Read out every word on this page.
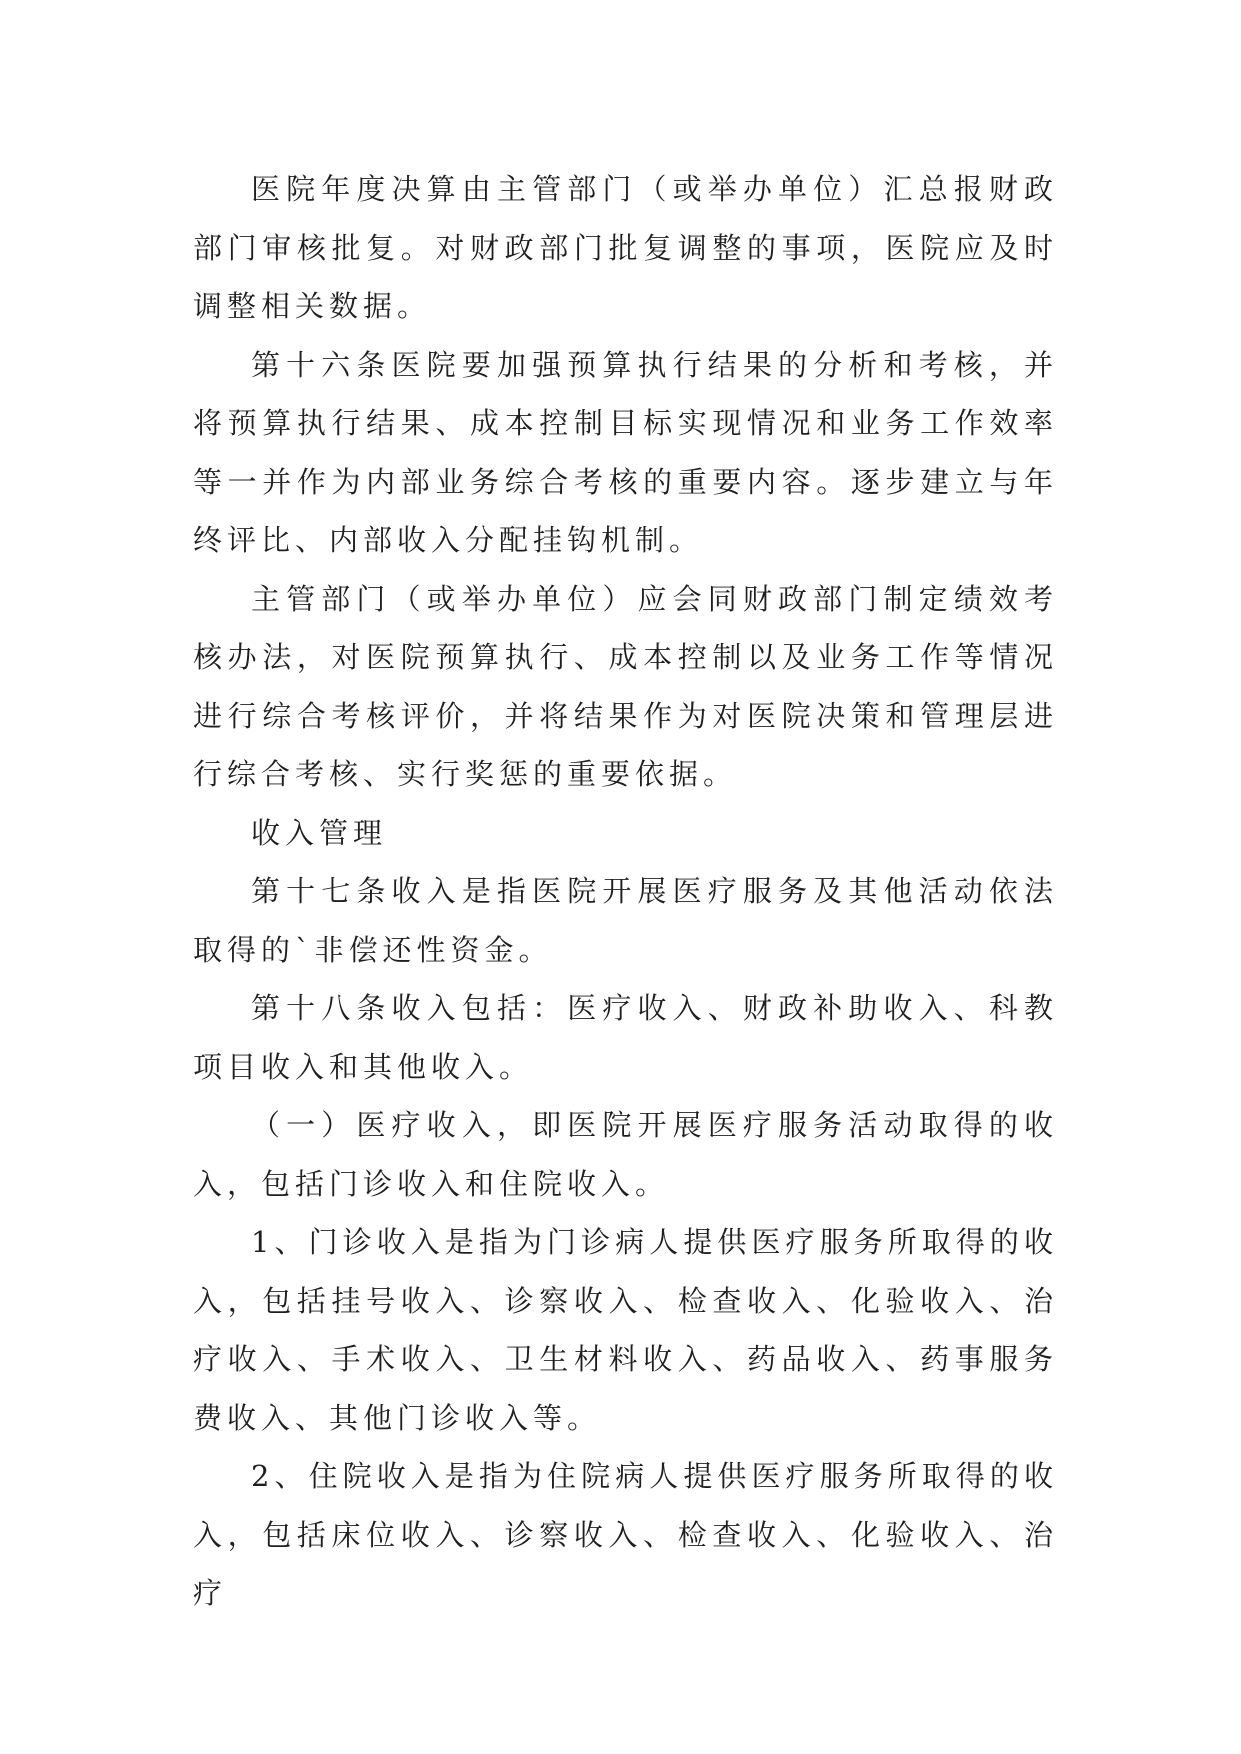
医院年度决算由主管部门（或举办单位）汇总报财政部门审核批复。对财政部门批复调整的事项，医院应及时调整相关数据。

第十六条医院要加强预算执行结果的分析和考核，并将预算执行结果、成本控制目标实现情况和业务工作效率等一并作为内部业务综合考核的重要内容。逐步建立与年终评比、内部收入分配挂钩机制。

主管部门（或举办单位）应会同财政部门制定绩效考核办法，对医院预算执行、成本控制以及业务工作等情况进行综合考核评价，并将结果作为对医院决策和管理层进行综合考核、实行奖惩的重要依据。

收入管理

第十七条收入是指医院开展医疗服务及其他活动依法取得的`非偿还性资金。

第十八条收入包括：医疗收入、财政补助收入、科教项目收入和其他收入。

（一）医疗收入，即医院开展医疗服务活动取得的收入，包括门诊收入和住院收入。

1、门诊收入是指为门诊病人提供医疗服务所取得的收入，包括挂号收入、诊察收入、检查收入、化验收入、治疗收入、手术收入、卫生材料收入、药品收入、药事服务费收入、其他门诊收入等。

2、住院收入是指为住院病人提供医疗服务所取得的收入，包括床位收入、诊察收入、检查收入、化验收入、治疗
